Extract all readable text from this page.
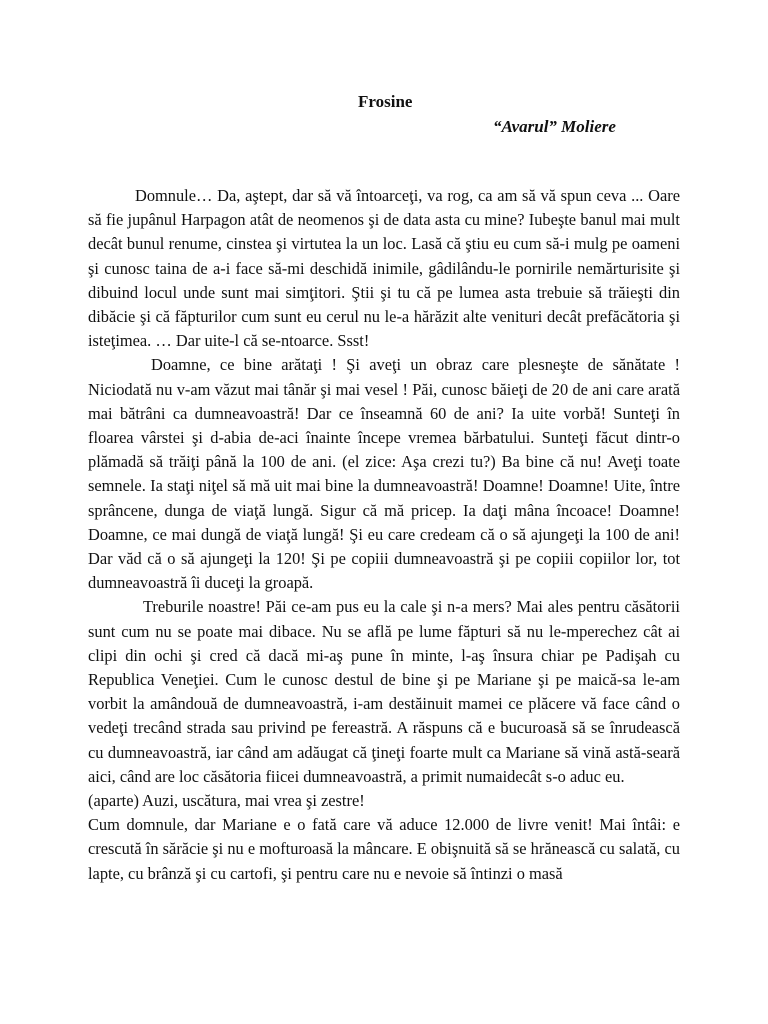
Frosine
“Avarul” Moliere

Domnule… Da, aştept, dar să vă întoarceţi, va rog, ca am să vă spun ceva ... Oare să fie jupânul Harpagon atât de neomenos şi de data asta cu mine? Iubeşte banul mai mult decât bunul renume, cinstea şi virtutea la un loc. Lasă că ştiu eu cum să-i mulg pe oameni şi cunosc taina de a-i face să-mi deschidă inimile, gâdilându-le pornirile nemărturisite şi dibuind locul unde sunt mai simţitori. Ştii şi tu că pe lumea asta trebuie să trăieşti din dibăcie şi că făpturilor cum sunt eu cerul nu le-a hărăzit alte venituri decât prefăcătoria şi isteţimea. … Dar uite-l că se-ntoarce. Ssst!

Doamne, ce bine arătaţi ! Şi aveţi un obraz care plesneşte de sănătate ! Niciodată nu v-am văzut mai tânăr şi mai vesel ! Păi, cunosc băieţi de 20 de ani care arată mai bătrâni ca dumneavoastră! Dar ce înseamnă 60 de ani? Ia uite vorbă! Sunteţi în floarea vârstei şi d-abia de-aci înainte începe vremea bărbatului. Sunteţi făcut dintr-o plămadă să trăiţi până la 100 de ani. (el zice: Aşa crezi tu?) Ba bine că nu! Aveţi toate semnele. Ia staţi niţel să mă uit mai bine la dumneavoastră! Doamne! Doamne! Uite, între sprâncene, dunga de viaţă lungă. Sigur că mă pricep. Ia daţi mâna încoace! Doamne! Doamne, ce mai dungă de viaţă lungă! Şi eu care credeam că o să ajungeţi la 100 de ani! Dar văd că o să ajungeţi la 120! Şi pe copiii dumneavoastră şi pe copiii copiilor lor, tot dumneavoastră îi duceţi la groapă.

Treburile noastre! Păi ce-am pus eu la cale şi n-a mers? Mai ales pentru căsătorii sunt cum nu se poate mai dibace. Nu se află pe lume făpturi să nu le-mperechez cât ai clipi din ochi şi cred că dacă mi-aş pune în minte, l-aş însura chiar pe Padişah cu Republica Veneţiei. Cum le cunosc destul de bine şi pe Mariane şi pe maică-sa le-am vorbit la amândouă de dumneavoastră, i-am destăinuit mamei ce plăcere vă face când o vedeţi trecând strada sau privind pe fereastră. A răspuns că e bucuroasă să se înrudească cu dumneavoastră, iar când am adăugat că ţineţi foarte mult ca Mariane să vină astă-seară aici, când are loc căsătoria fiicei dumneavoastră, a primit numaidecât s-o aduc eu.

(aparte) Auzi, uscătura, mai vrea şi zestre!

Cum domnule, dar Mariane e o fată care vă aduce 12.000 de livre venit! Mai întâi: e crescută în sărăcie şi nu e mofturoasă la mâncare. E obişnuită să se hrănească cu salată, cu lapte, cu brânză şi cu cartofi, şi pentru care nu e nevoie să întinzi o masă
